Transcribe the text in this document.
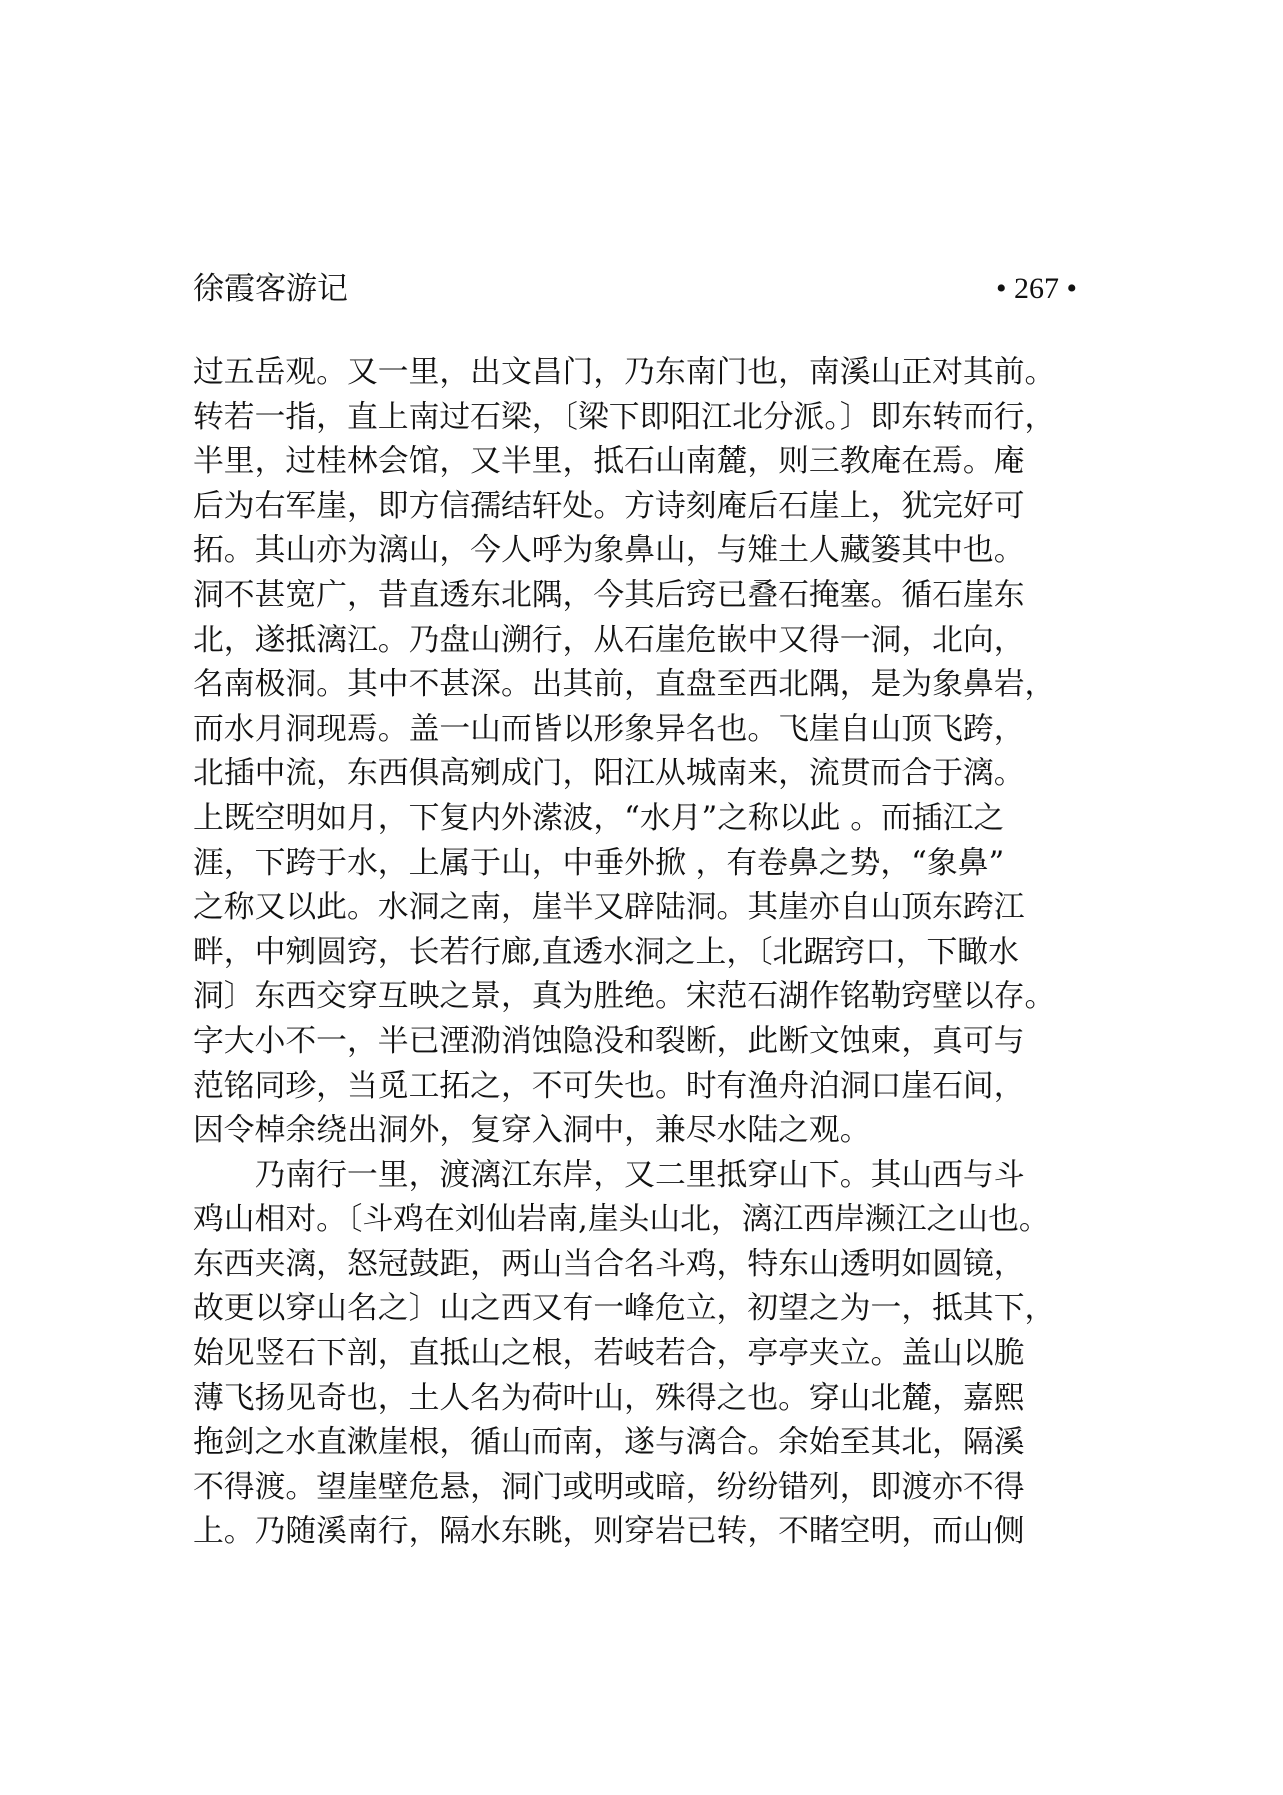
徐霞客游记	• 267 •
过五岳观。又一里，出文昌门，乃东南门也，南溪山正对其前。
转若一指，直上南过石梁，〔梁下即阳江北分派。〕即东转而行，
半里，过桂林会馆，又半里，抵石山南麓，则三教庵在焉。庵
后为右军崖，即方信孺结轩处。方诗刻庵后石崖上，犹完好可
拓。其山亦为漓山，今人呼为象鼻山，与雉土人藏篓其中也。
洞不甚宽广，昔直透东北隅，今其后窍已叠石掩塞。循石崖东
北，遂抵漓江。乃盘山溯行，从石崖危嵌中又得一洞，北向，
名南极洞。其中不甚深。出其前，直盘至西北隅，是为象鼻岩，
而水月洞现焉。盖一山而皆以形象异名也。飞崖自山顶飞跨，
北插中流，东西俱高剜成门，阳江从城南来，流贯而合于漓。
上既空明如月，下复内外潆波，“水月”之称以此 。而插江之
涯，下跨于水，上属于山，中垂外掀 ，有卷鼻之势，“象鼻”
之称又以此。水洞之南，崖半又辟陆洞。其崖亦自山顶东跨江
畔，中剜圆窍，长若行廊,直透水洞之上，〔北踞窍口，下瞰水
洞〕东西交穿互映之景，真为胜绝。宋范石湖作铭勒窍壁以存。
字大小不一，半已湮泐消蚀隐没和裂断，此断文蚀柬，真可与
范铭同珍，当觅工拓之，不可失也。时有渔舟泊洞口崖石间，
因令棹余绕出洞外，复穿入洞中，兼尽水陆之观。
　　乃南行一里，渡漓江东岸，又二里抵穿山下。其山西与斗
鸡山相对。〔斗鸡在刘仙岩南,崖头山北，漓江西岸濒江之山也。
东西夹漓，怒冠鼓距，两山当合名斗鸡，特东山透明如圆镜，
故更以穿山名之〕山之西又有一峰危立，初望之为一，抵其下，
始见竖石下剖，直抵山之根，若岐若合，亭亭夹立。盖山以脆
薄飞扬见奇也，土人名为荷叶山，殊得之也。穿山北麓，嘉熙
拖剑之水直漱崖根，循山而南，遂与漓合。余始至其北，隔溪
不得渡。望崖壁危悬，洞门或明或暗，纷纷错列，即渡亦不得
上。乃随溪南行，隔水东眺，则穿岩已转，不睹空明，而山侧
